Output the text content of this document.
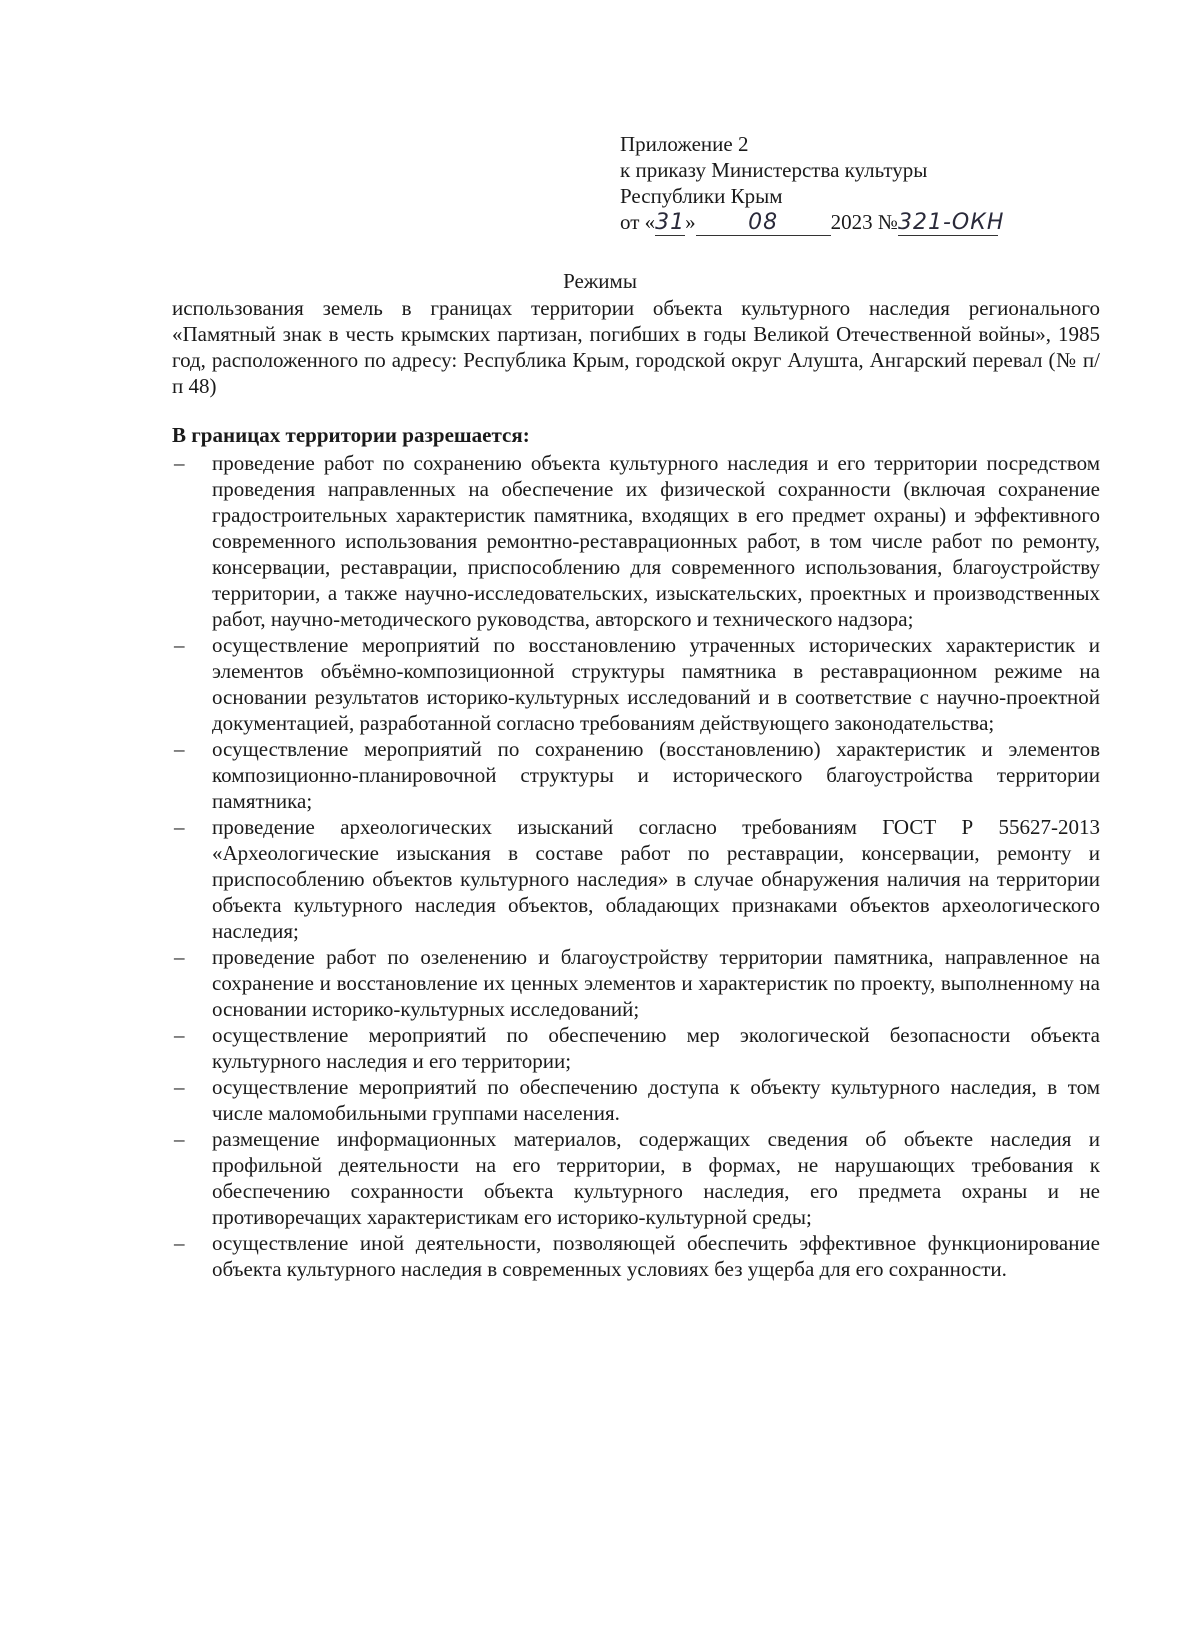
Приложение 2
к приказу Министерства культуры
Республики Крым
от «31» 08	2023 №321-ОКН
Режимы
использования земель в границах территории объекта культурного наследия регионального «Памятный знак в честь крымских партизан, погибших в годы Великой Отечественной войны», 1985 год, расположенного по адресу: Республика Крым, городской округ Алушта, Ангарский перевал (№ п/п 48)
В границах территории разрешается:
– проведение работ по сохранению объекта культурного наследия и его территории посредством проведения направленных на обеспечение их физической сохранности (включая сохранение градостроительных характеристик памятника, входящих в его предмет охраны) и эффективного современного использования ремонтно-реставрационных работ, в том числе работ по ремонту, консервации, реставрации, приспособлению для современного использования, благоустройству территории, а также научно-исследовательских, изыскательских, проектных и производственных работ, научно-методического руководства, авторского и технического надзора;
– осуществление мероприятий по восстановлению утраченных исторических характеристик и элементов объёмно-композиционной структуры памятника в реставрационном режиме на основании результатов историко-культурных исследований и в соответствие с научно-проектной документацией, разработанной согласно требованиям действующего законодательства;
– осуществление мероприятий по сохранению (восстановлению) характеристик и элементов композиционно-планировочной структуры и исторического благоустройства территории памятника;
– проведение археологических изысканий согласно требованиям ГОСТ Р 55627-2013 «Археологические изыскания в составе работ по реставрации, консервации, ремонту и приспособлению объектов культурного наследия» в случае обнаружения наличия на территории объекта культурного наследия объектов, обладающих признаками объектов археологического наследия;
– проведение работ по озеленению и благоустройству территории памятника, направленное на сохранение и восстановление их ценных элементов и характеристик по проекту, выполненному на основании историко-культурных исследований;
– осуществление мероприятий по обеспечению мер экологической безопасности объекта культурного наследия и его территории;
– осуществление мероприятий по обеспечению доступа к объекту культурного наследия, в том числе маломобильными группами населения.
– размещение информационных материалов, содержащих сведения об объекте наследия и профильной деятельности на его территории, в формах, не нарушающих требования к обеспечению сохранности объекта культурного наследия, его предмета охраны и не противоречащих характеристикам его историко-культурной среды;
– осуществление иной деятельности, позволяющей обеспечить эффективное функционирование объекта культурного наследия в современных условиях без ущерба для его сохранности.
